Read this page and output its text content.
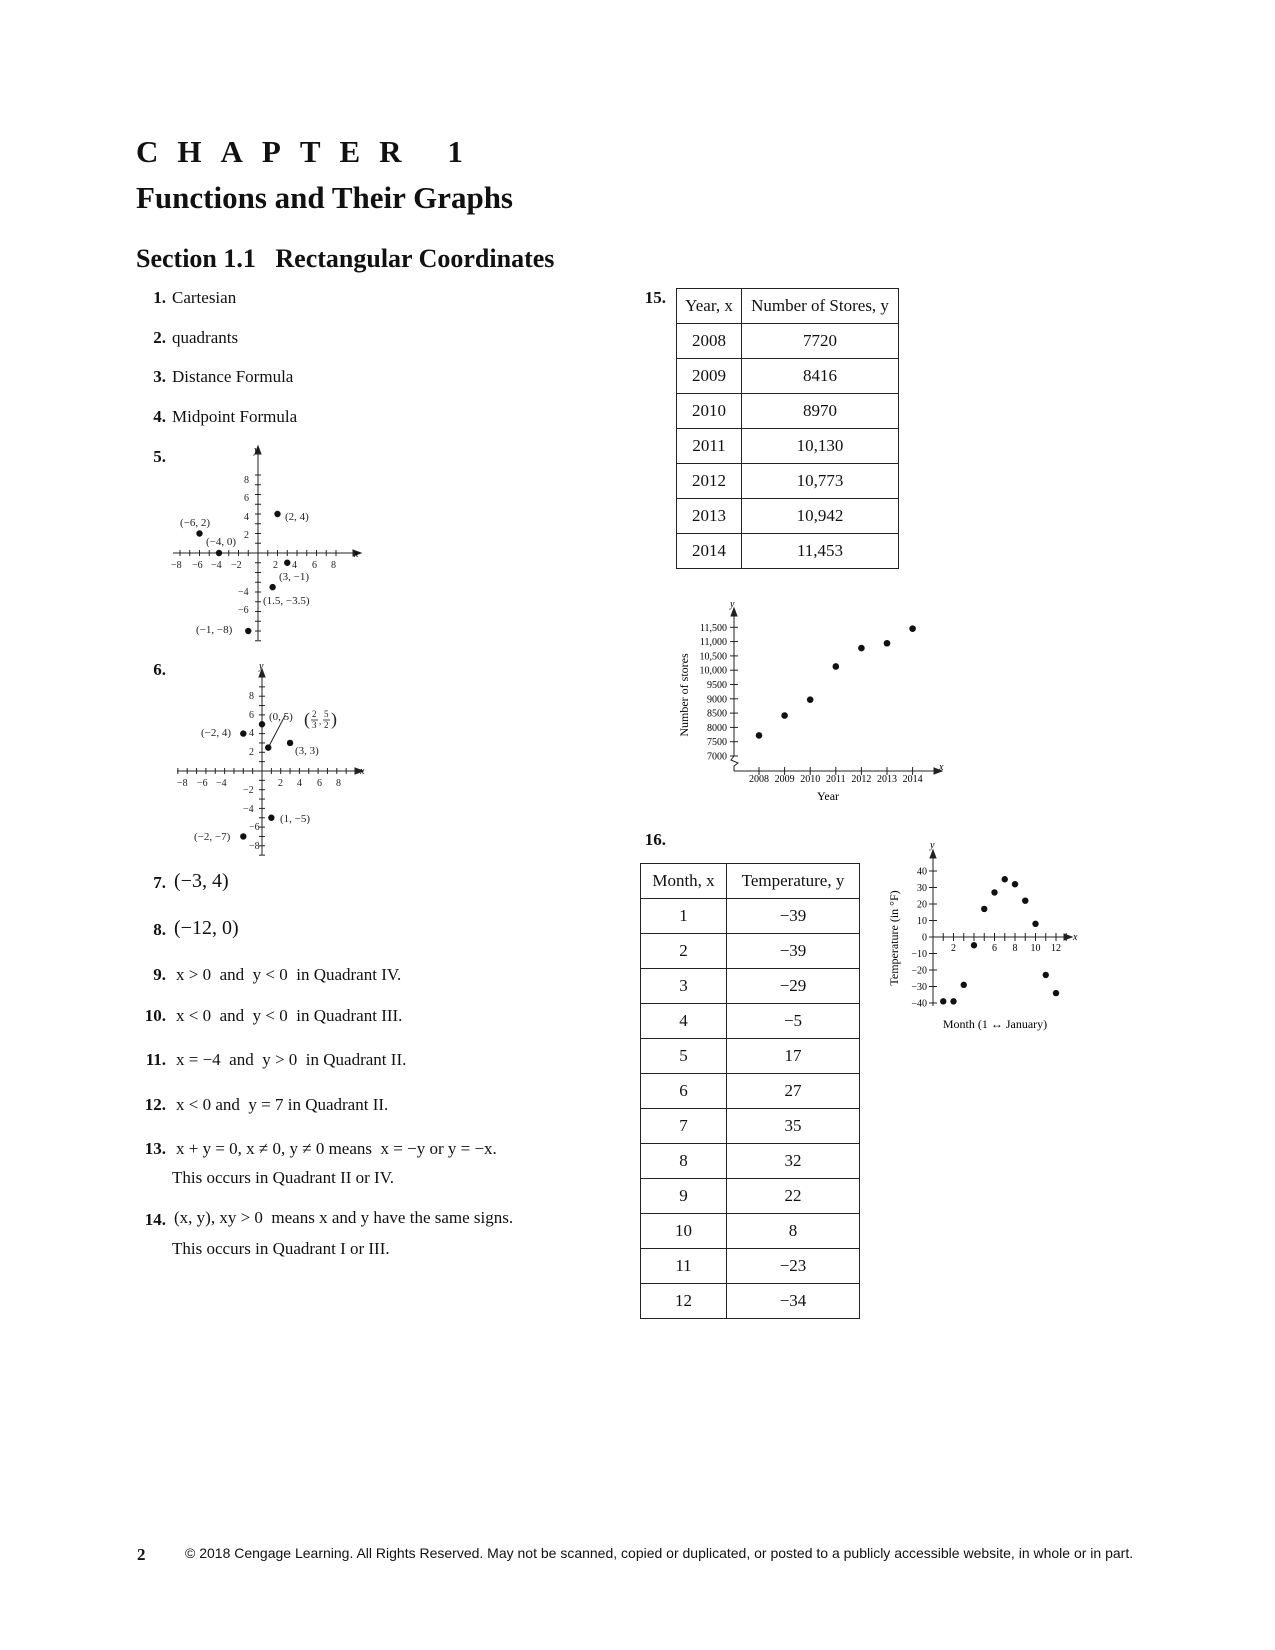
CHAPTER 1
Functions and Their Graphs
Section 1.1   Rectangular Coordinates
1. Cartesian
2. quadrants
3. Distance Formula
4. Midpoint Formula
5.
6.
7. (−3, 4)
8. (−12, 0)
9. x > 0  and  y < 0  in Quadrant IV.
10. x < 0  and  y < 0  in Quadrant III.
11. x = −4  and  y > 0  in Quadrant II.
12. x < 0 and  y = 7 in Quadrant II.
13. x + y = 0, x ≠ 0, y ≠ 0 means  x = −y or y = −x.
This occurs in Quadrant II or IV.
14. (x, y), xy > 0  means x and y have the same signs.
This occurs in Quadrant I or III.
15.
16.
x
y
−8 −6 −4 −2	2 4 6 8
8
6
4
2
−4
−6
(2, 4)
(−6, 2)
(−4, 0)
(3, −1)
(1.5, −3.5)
(−1, −8)
x
y
−8 −6 −4	2 4 6 8
8
6
4
2
−2
−4
−6
−8
(0, 5)
(−2, 4)
(3, 3)
(1, −5)
(−2, −7)
( 2
3 ,
5
2 )
Year, x	Number of Stores, y
2008	7720
2009	8416
2010	8970
2011	10,130
2012	10,773
2013	10,942
2014	11,453
y
x
2008 2009 2010 2011 2012 2013 2014
11,500
11,000
10,500
10,000
9500
9000
8500
8000
7500
7000
Year
Number of stores
Month, x	Temperature, y
1	−39
2	−39
3	−29
4	−5
5	17
6	27
7	35
8	32
9	22
10	8
11	−23
12	−34
y
x
2	6 8 10 12
40
30
20
10
0
−10
−20
−30
−40
Month (1 ↔ January)
Temperature (in °F)
2	© 2018 Cengage Learning. All Rights Reserved. May not be scanned, copied or duplicated, or posted to a publicly accessible website, in whole or in part.
